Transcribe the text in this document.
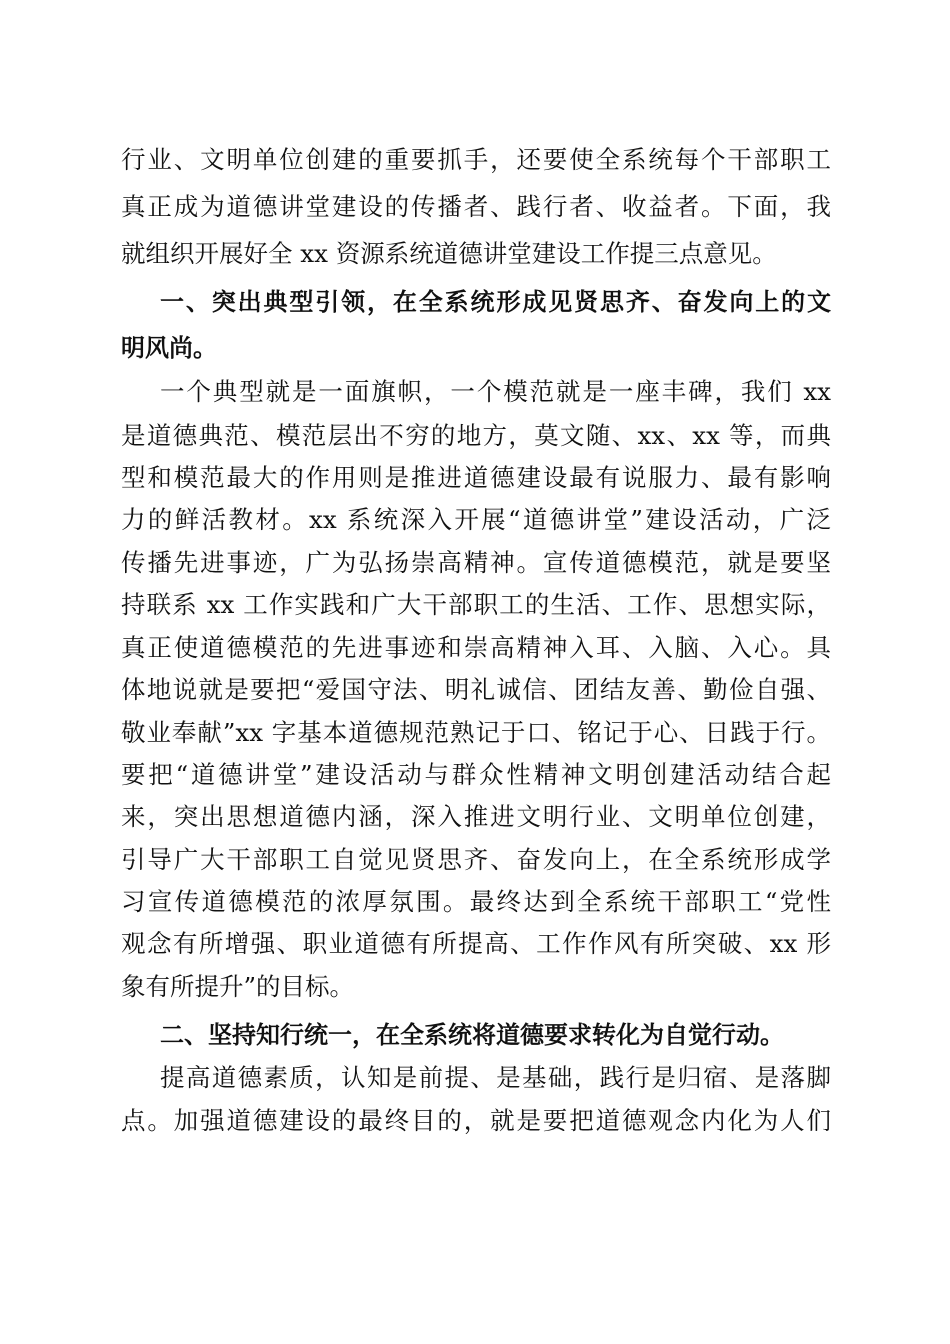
行业、文明单位创建的重要抓手，还要使全系统每个干部职工
真正成为道德讲堂建设的传播者、践行者、收益者。下面，我
就组织开展好全 xx 资源系统道德讲堂建设工作提三点意见。
一、突出典型引领，在全系统形成见贤思齐、奋发向上的文
明风尚。
一个典型就是一面旗帜，一个模范就是一座丰碑，我们 xx
是道德典范、模范层出不穷的地方，莫文随、xx、xx 等，而典
型和模范最大的作用则是推进道德建设最有说服力、最有影响
力的鲜活教材。xx 系统深入开展“道德讲堂”建设活动，广泛
传播先进事迹，广为弘扬崇高精神。宣传道德模范，就是要坚
持联系 xx 工作实践和广大干部职工的生活、工作、思想实际，
真正使道德模范的先进事迹和崇高精神入耳、入脑、入心。具
体地说就是要把“爱国守法、明礼诚信、团结友善、勤俭自强、
敬业奉献”xx 字基本道德规范熟记于口、铭记于心、日践于行。
要把“道德讲堂”建设活动与群众性精神文明创建活动结合起
来，突出思想道德内涵，深入推进文明行业、文明单位创建，
引导广大干部职工自觉见贤思齐、奋发向上，在全系统形成学
习宣传道德模范的浓厚氛围。最终达到全系统干部职工“党性
观念有所增强、职业道德有所提高、工作作风有所突破、xx 形
象有所提升”的目标。
二、坚持知行统一，在全系统将道德要求转化为自觉行动。
提高道德素质，认知是前提、是基础，践行是归宿、是落脚
点。加强道德建设的最终目的，就是要把道德观念内化为人们
